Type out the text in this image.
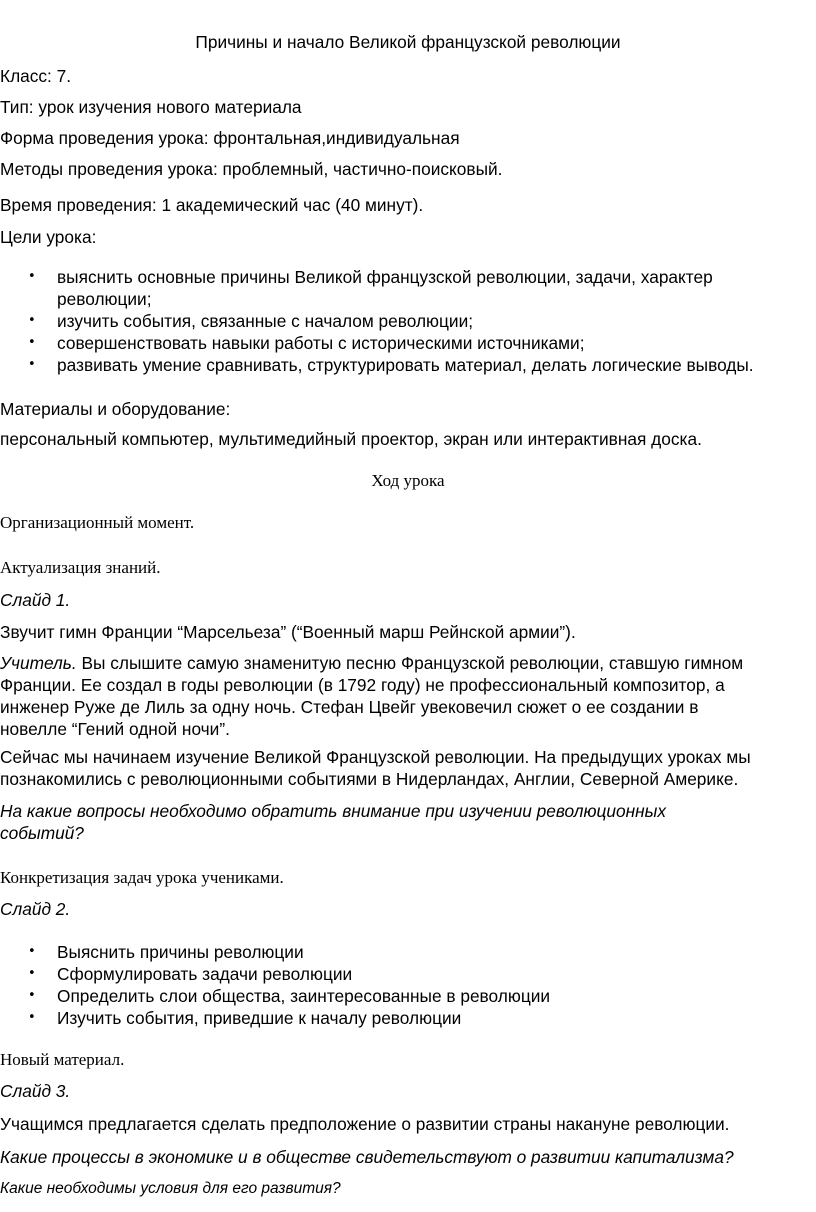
Причины и начало Великой французской революции

Класс: 7.

Тип: урок изучения нового материала

Форма проведения урока: фронтальная,индивидуальная

Методы проведения урока: проблемный, частично-поисковый.

Время проведения: 1 академический час (40 минут).

Цели урока:

• выяснить основные причины Великой французской революции, задачи, характер
революции;
• изучить события, связанные с началом революции;
• совершенствовать навыки работы с историческими источниками;
• развивать умение сравнивать, структурировать материал, делать логические выводы.

Материалы и оборудование:

персональный компьютер, мультимедийный проектор, экран или интерактивная доска.

Ход урока

Организационный момент.

Актуализация знаний.

Слайд 1.

Звучит гимн Франции “Марсельеза” (“Военный марш Рейнской армии”).

Учитель. Вы слышите самую знаменитую песню Французской революции, ставшую гимном
Франции. Ее создал в годы революции (в 1792 году) не профессиональный композитор, а
инженер Руже де Лиль за одну ночь. Стефан Цвейг увековечил сюжет о ее создании в
новелле “Гений одной ночи”.
Сейчас мы начинаем изучение Великой Французской революции. На предыдущих уроках мы
познакомились с революционными событиями в Нидерландах, Англии, Северной Америке.
На какие вопросы необходимо обратить внимание при изучении революционных
событий?

Конкретизация задач урока учениками.

Слайд 2.

• Выяснить причины революции
• Сформулировать задачи революции
• Определить слои общества, заинтересованные в революции
• Изучить события, приведшие к началу революции

Новый материал.

Слайд 3.

Учащимся предлагается сделать предположение о развитии страны накануне революции.

Какие процессы в экономике и в обществе свидетельствуют о развитии капитализма?

Какие необходимы условия для его развития?
